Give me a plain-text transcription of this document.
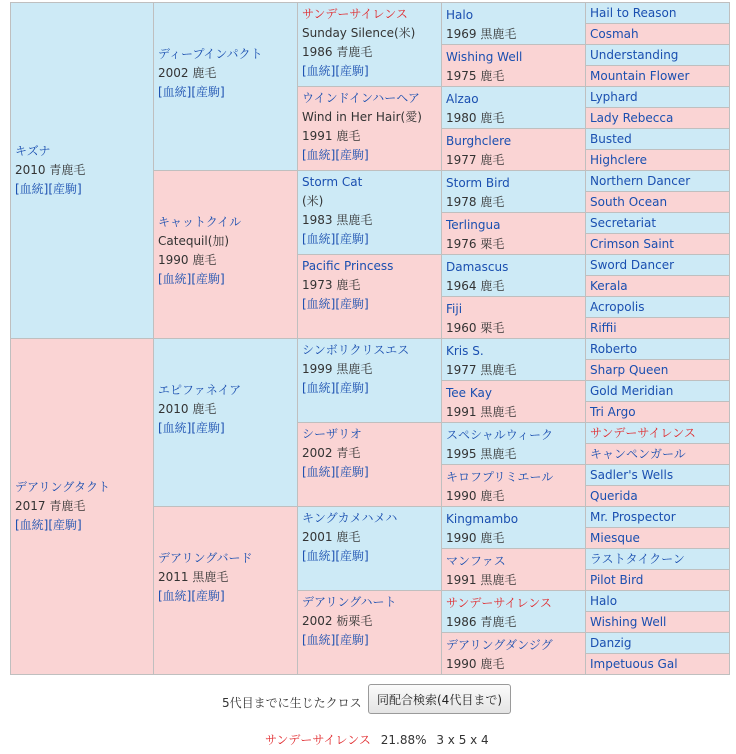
キズナ
2010 青鹿毛
[血統][産駒]
デアリングタクト
2017 青鹿毛
[血統][産駒]
ディープインパクト
2002 鹿毛
[血統][産駒]
キャットクイル
Catequil(加)
1990 鹿毛
[血統][産駒]
エピファネイア
2010 鹿毛
[血統][産駒]
デアリングバード
2011 黒鹿毛
[血統][産駒]
サンデーサイレンス
Sunday Silence(米)
1986 青鹿毛
[血統][産駒]
ウインドインハーヘア
Wind in Her Hair(愛)
1991 鹿毛
[血統][産駒]
Storm Cat
(米)
1983 黒鹿毛
[血統][産駒]
Pacific Princess
1973 鹿毛
[血統][産駒]
シンボリクリスエス
1999 黒鹿毛
[血統][産駒]
シーザリオ
2002 青毛
[血統][産駒]
キングカメハメハ
2001 鹿毛
[血統][産駒]
デアリングハート
2002 栃栗毛
[血統][産駒]
Halo
1969 黒鹿毛
Wishing Well
1975 鹿毛
Alzao
1980 鹿毛
Burghclere
1977 鹿毛
Storm Bird
1978 鹿毛
Terlingua
1976 栗毛
Damascus
1964 鹿毛
Fiji
1960 栗毛
Kris S.
1977 黒鹿毛
Tee Kay
1991 黒鹿毛
スペシャルウィーク
1995 黒鹿毛
キロフプリミエール
1990 鹿毛
Kingmambo
1990 鹿毛
マンファス
1991 黒鹿毛
サンデーサイレンス
1986 青鹿毛
デアリングダンジグ
1990 鹿毛
Hail to Reason
Cosmah
Understanding
Mountain Flower
Lyphard
Lady Rebecca
Busted
Highclere
Northern Dancer
South Ocean
Secretariat
Crimson Saint
Sword Dancer
Kerala
Acropolis
Riffii
Roberto
Sharp Queen
Gold Meridian
Tri Argo
サンデーサイレンス
キャンペンガール
Sadler's Wells
Querida
Mr. Prospector
Miesque
ラストタイクーン
Pilot Bird
Halo
Wishing Well
Danzig
Impetuous Gal
5代目までに生じたクロス	同配合検索(4代目まで)
サンデーサイレンス 21.88% 3 x 5 x 4
